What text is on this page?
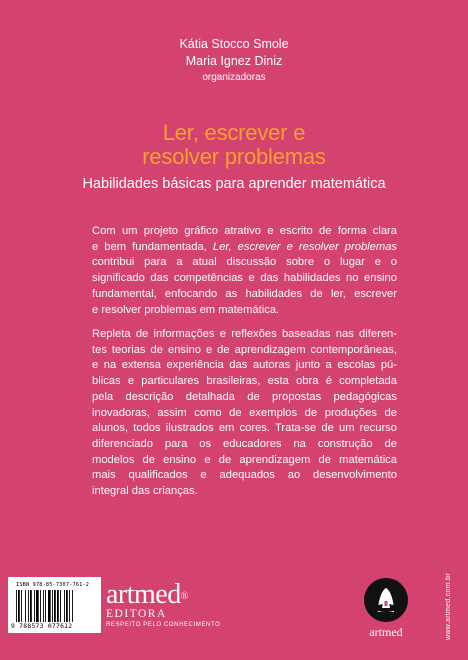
Kátia Stocco Smole
Maria Ignez Diniz
organizadoras
Ler, escrever e
resolver problemas
Habilidades básicas para aprender matemática
Com um projeto gráfico atrativo e escrito de forma clara
e bem fundamentada, Ler, escrever e resolver problemas
contribui para a atual discussão sobre o lugar e o
significado das competências e das habilidades no ensino
fundamental, enfocando as habilidades de ler, escrever
e resolver problemas em matemática.
Repleta de informações e reflexões baseadas nas diferen-
tes teorias de ensino e de aprendizagem contemporâneas,
e na extensa experiência das autoras junto a escolas pú-
blicas e particulares brasileiras, esta obra é completada
pela descrição detalhada de propostas pedagógicas
inovadoras, assim como de exemplos de produções de
alunos, todos ilustrados em cores. Trata-se de um recurso
diferenciado para os educadores na construção de
modelos de ensino e de aprendizagem de matemática
mais qualificados e adequados ao desenvolvimento
integral das crianças.
ISBN 978-85-7307-761-2
9 788573 077612
artmed®
EDITORA
RESPEITO PELO CONHECIMENTO	artmed	www.artmed.com.br
